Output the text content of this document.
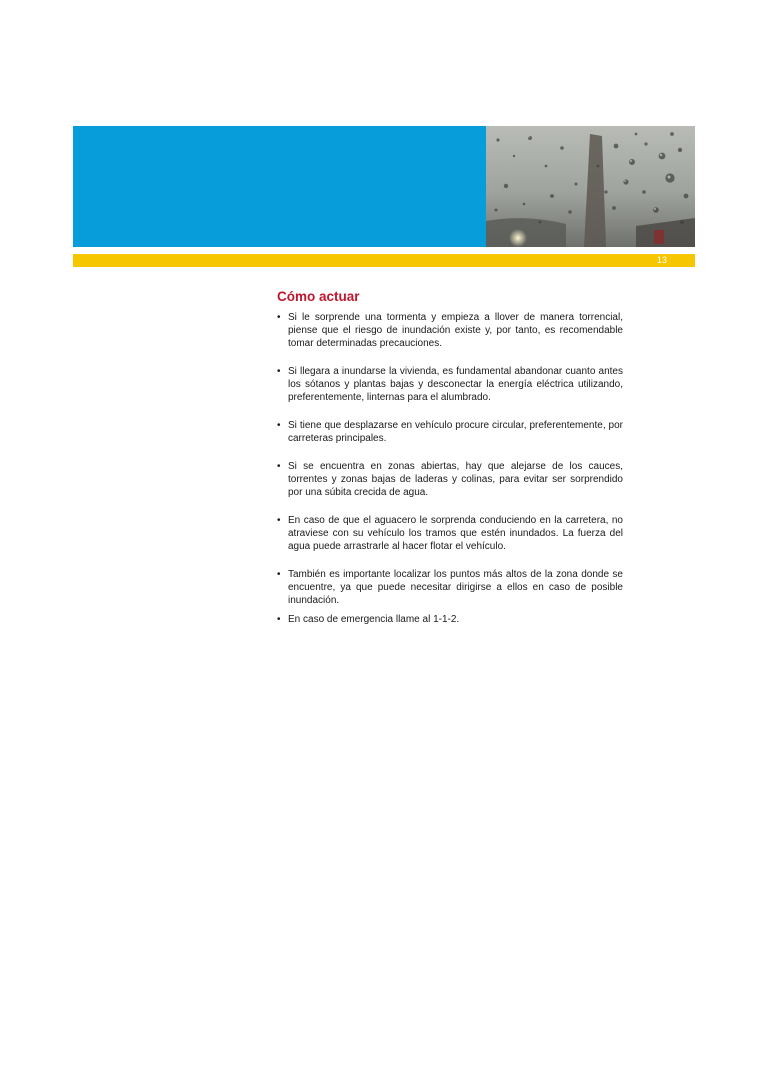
13
Cómo actuar
• Si le sorprende una tormenta y empieza a llover de manera torrencial, piense que el riesgo de inundación existe y, por tanto, es recomendable tomar determinadas precauciones.
• Si llegara a inundarse la vivienda, es fundamental abandonar cuanto antes los sótanos y plantas bajas y desconectar la energía eléctrica utilizando, preferentemente, linternas para el alumbrado.
• Si tiene que desplazarse en vehículo procure circular, preferentemente, por carreteras principales.
• Si se encuentra en zonas abiertas, hay que alejarse de los cauces, torrentes y zonas bajas de laderas y colinas, para evitar ser sorprendido por una súbita crecida de agua.
• En caso de que el aguacero le sorprenda conduciendo en la carretera, no atraviese con su vehículo los tramos que estén inundados. La fuerza del agua puede arrastrarle al hacer flotar el vehículo.
• También es importante localizar los puntos más altos de la zona donde se encuentre, ya que puede necesitar dirigirse a ellos en caso de posible inundación.
• En caso de emergencia llame al 1-1-2.
